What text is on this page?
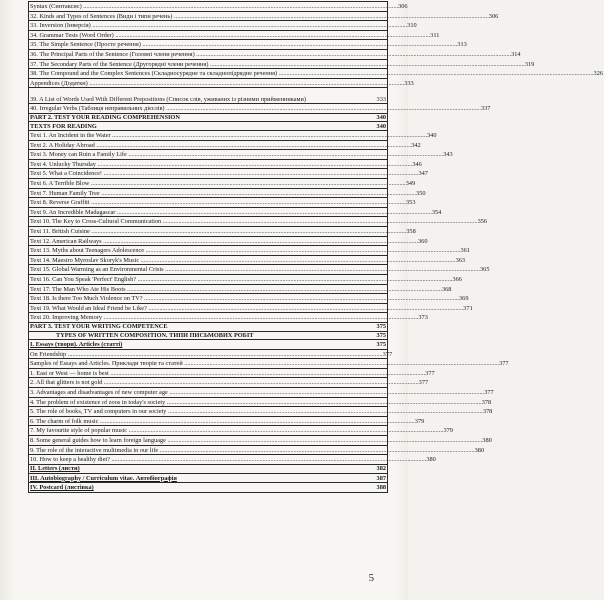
Syntax (Синтаксис) ........................................................................................................................................................................................................ 306
32. Kinds and Types of Sentences (Види і типи речень) ........................................................................................................................................................................................................ 306
33. Inversion (Інверсія) ........................................................................................................................................................................................................ 310
34. Grammar Tests (Word Order) ........................................................................................................................................................................................................ 311
35. The Simple Sentence (Просте речення) ........................................................................................................................................................................................................ 313
36. The Principal Parts of the Sentence (Головні члени речення) ........................................................................................................................................................................................................ 314
37. The Secondary Parts of the Sentence (Другорядні члени речення) ........................................................................................................................................................................................................ 319
38. The Compound and the Complex Sentences (Складносурядне та складнопідрядне речення) ........................................................................................................................................................................................................ 326
Appendices (Додатки) ........................................................................................................................................................................................................ 333
39. A List of Words Used With Different Prepositions (Список слів, уживаних із різними прийменниками)	333
40. Irregular Verbs (Таблиця неправильних дієслів) ........................................................................................................................................................................................................ 337
PART 2. TEST YOUR READING COMPREHENSION	340
TEXTS FOR READING	340
Text 1. An Incident in the Water ........................................................................................................................................................................................................ 340
Text 2. A Holiday Abroad ........................................................................................................................................................................................................ 342
Text 3. Money can Ruin a Family Life ........................................................................................................................................................................................................ 343
Text 4. Unlucky Thursday ........................................................................................................................................................................................................ 346
Text 5. What a Coincidence! ........................................................................................................................................................................................................ 347
Text 6. A Terrible Blow ........................................................................................................................................................................................................ 349
Text 7. Human Family Tree ........................................................................................................................................................................................................ 350
Text 8. Reverse Graffiti ........................................................................................................................................................................................................ 353
Text 9. An Incredible Madagascar ........................................................................................................................................................................................................ 354
Text 10. The Key to Cross-Cultural Communication ........................................................................................................................................................................................................ 356
Text 11. British Cuisine ........................................................................................................................................................................................................ 358
Text 12. American Railways ........................................................................................................................................................................................................ 360
Text 13. Myths about Teenagers Adolescence ........................................................................................................................................................................................................ 361
Text 14. Maestro Myroslav Skoryk's Music ........................................................................................................................................................................................................ 363
Text 15. Global Warming as an Environmental Crisis ........................................................................................................................................................................................................ 365
Text 16. Can You Speak 'Perfect' English? ........................................................................................................................................................................................................ 366
Text 17. The Man Who Ate His Boots ........................................................................................................................................................................................................ 368
Text 18. Is there Too Much Violence on TV? ........................................................................................................................................................................................................ 369
Text 19. What Would an Ideal Friend be Like? ........................................................................................................................................................................................................ 371
Text 20. Improving Memory ........................................................................................................................................................................................................ 373
PART 3. TEST YOUR WRITING COMPETENCE	375
TYPES OF WRITTEN COMPOSITION. ТИПИ ПИСЬМОВИХ РОБІТ	375
I. Essays (твори). Articles (статті)	375
On Friendship ........................................................................................................................................................................................................ 377
Samples of Essays and Articles. Приклади творів та статей ........................................................................................................................................................................................................ 377
1. East or West — home is best ........................................................................................................................................................................................................ 377
2. All that glitters is not gold ........................................................................................................................................................................................................ 377
3. Advantages and disadvantages of new computer age ........................................................................................................................................................................................................ 377
4. The problem of existence of zoos in today's society ........................................................................................................................................................................................................ 378
5. The role of books, TV and computers in our society ........................................................................................................................................................................................................ 378
6. The charm of folk music ........................................................................................................................................................................................................ 379
7. My favourite style of popular music ........................................................................................................................................................................................................ 379
8. Some general guides how to learn foreign language ........................................................................................................................................................................................................ 380
9. The role of the interactive multimedia in our life ........................................................................................................................................................................................................ 380
10. How to keep a healthy diet? ........................................................................................................................................................................................................ 380
II. Letters (листи)	382
III. Autobiography / Curriculum vitae. Автобіографія	387
IV. Postcard (листівка)	388
5
